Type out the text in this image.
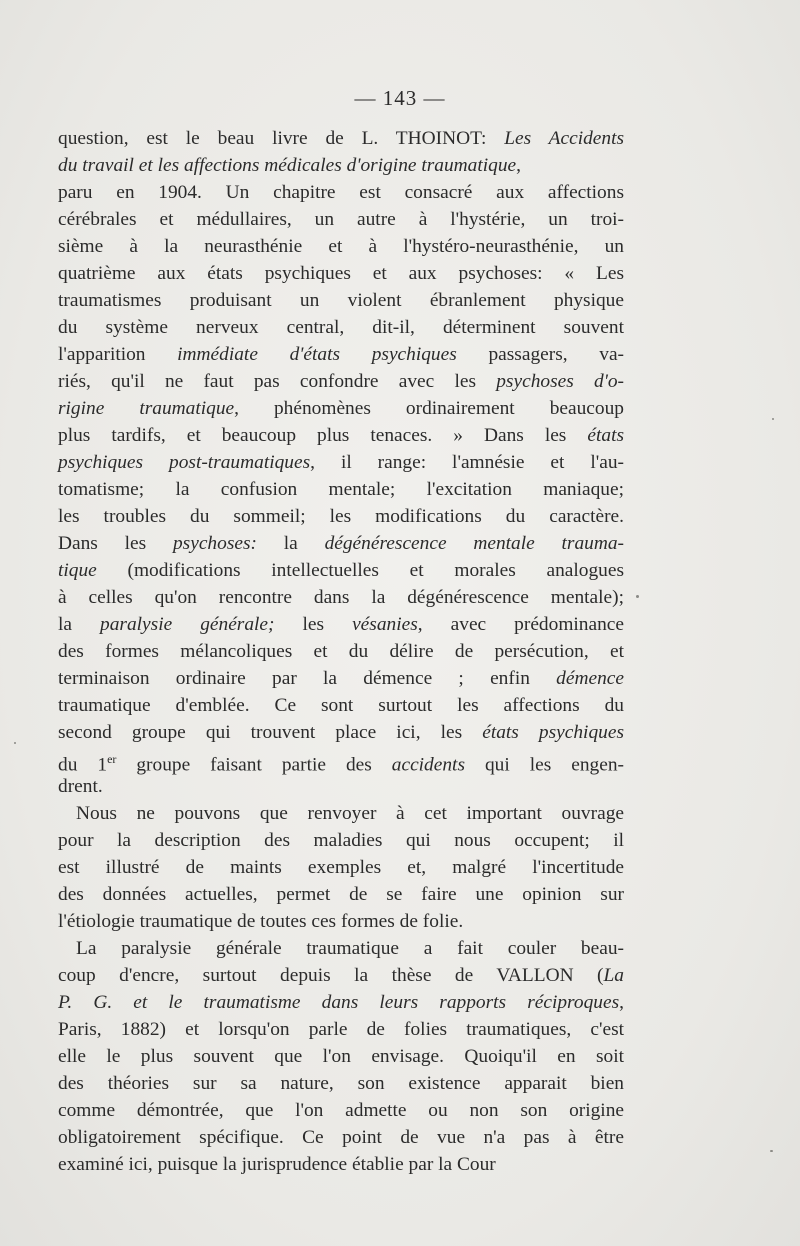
— 143 —
question, est le beau livre de L. THOINOT: Les Accidents
du travail et les affections médicales d'origine traumatique,
paru en 1904. Un chapitre est consacré aux affections
cérébrales et médullaires, un autre à l'hystérie, un troi-
sième à la neurasthénie et à l'hystéro-neurasthénie, un
quatrième aux états psychiques et aux psychoses: « Les
traumatismes produisant un violent ébranlement physique
du système nerveux central, dit-il, déterminent souvent
l'apparition immédiate d'états psychiques passagers, va-
riés, qu'il ne faut pas confondre avec les psychoses d'o-
rigine traumatique, phénomènes ordinairement beaucoup
plus tardifs, et beaucoup plus tenaces. » Dans les états
psychiques post-traumatiques, il range: l'amnésie et l'au-
tomatisme; la confusion mentale; l'excitation maniaque;
les troubles du sommeil; les modifications du caractère.
Dans les psychoses: la dégénérescence mentale trauma-
tique (modifications intellectuelles et morales analogues
à celles qu'on rencontre dans la dégénérescence mentale);
la paralysie générale; les vésanies, avec prédominance
des formes mélancoliques et du délire de persécution, et
terminaison ordinaire par la démence ; enfin démence
traumatique d'emblée. Ce sont surtout les affections du
second groupe qui trouvent place ici, les états psychiques
du 1er groupe faisant partie des accidents qui les engen-
drent.
Nous ne pouvons que renvoyer à cet important ouvrage
pour la description des maladies qui nous occupent; il
est illustré de maints exemples et, malgré l'incertitude
des données actuelles, permet de se faire une opinion sur
l'étiologie traumatique de toutes ces formes de folie.
La paralysie générale traumatique a fait couler beau-
coup d'encre, surtout depuis la thèse de VALLON (La
P. G. et le traumatisme dans leurs rapports réciproques,
Paris, 1882) et lorsqu'on parle de folies traumatiques, c'est
elle le plus souvent que l'on envisage. Quoiqu'il en soit
des théories sur sa nature, son existence apparait bien
comme démontrée, que l'on admette ou non son origine
obligatoirement spécifique. Ce point de vue n'a pas à être
examiné ici, puisque la jurisprudence établie par la Cour
